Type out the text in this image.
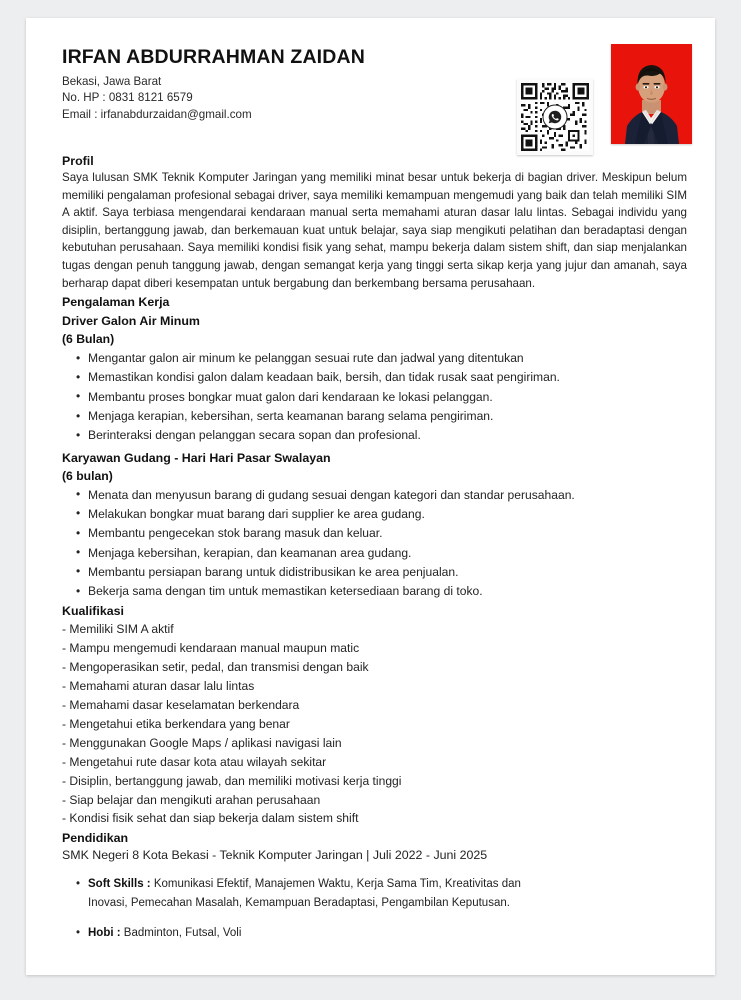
IRFAN ABDURRAHMAN ZAIDAN
Bekasi, Jawa Barat
No. HP : 0831 8121 6579
Email : irfanabdurzaidan@gmail.com
Profil
Saya lulusan SMK Teknik Komputer Jaringan yang memiliki minat besar untuk bekerja di bagian driver. Meskipun belum memiliki pengalaman profesional sebagai driver, saya memiliki kemampuan mengemudi yang baik dan telah memiliki SIM A aktif. Saya terbiasa mengendarai kendaraan manual serta memahami aturan dasar lalu lintas. Sebagai individu yang disiplin, bertanggung jawab, dan berkemauan kuat untuk belajar, saya siap mengikuti pelatihan dan beradaptasi dengan kebutuhan perusahaan. Saya memiliki kondisi fisik yang sehat, mampu bekerja dalam sistem shift, dan siap menjalankan tugas dengan penuh tanggung jawab, dengan semangat kerja yang tinggi serta sikap kerja yang jujur dan amanah, saya berharap dapat diberi kesempatan untuk bergabung dan berkembang bersama perusahaan.
Pengalaman Kerja
Driver Galon Air Minum
(6 Bulan)
• Mengantar galon air minum ke pelanggan sesuai rute dan jadwal yang ditentukan
• Memastikan kondisi galon dalam keadaan baik, bersih, dan tidak rusak saat pengiriman.
• Membantu proses bongkar muat galon dari kendaraan ke lokasi pelanggan.
• Menjaga kerapian, kebersihan, serta keamanan barang selama pengiriman.
• Berinteraksi dengan pelanggan secara sopan dan profesional.
Karyawan Gudang - Hari Hari Pasar Swalayan
(6 bulan)
• Menata dan menyusun barang di gudang sesuai dengan kategori dan standar perusahaan.
• Melakukan bongkar muat barang dari supplier ke area gudang.
• Membantu pengecekan stok barang masuk dan keluar.
• Menjaga kebersihan, kerapian, dan keamanan area gudang.
• Membantu persiapan barang untuk didistribusikan ke area penjualan.
• Bekerja sama dengan tim untuk memastikan ketersediaan barang di toko.
Kualifikasi
- Memiliki SIM A aktif
- Mampu mengemudi kendaraan manual maupun matic
- Mengoperasikan setir, pedal, dan transmisi dengan baik
- Memahami aturan dasar lalu lintas
- Memahami dasar keselamatan berkendara
- Mengetahui etika berkendara yang benar
- Menggunakan Google Maps / aplikasi navigasi lain
- Mengetahui rute dasar kota atau wilayah sekitar
- Disiplin, bertanggung jawab, dan memiliki motivasi kerja tinggi
- Siap belajar dan mengikuti arahan perusahaan
- Kondisi fisik sehat dan siap bekerja dalam sistem shift
Pendidikan
SMK Negeri 8 Kota Bekasi - Teknik Komputer Jaringan | Juli 2022 - Juni 2025
• Soft Skills : Komunikasi Efektif, Manajemen Waktu, Kerja Sama Tim, Kreativitas dan Inovasi, Pemecahan Masalah, Kemampuan Beradaptasi, Pengambilan Keputusan.
• Hobi : Badminton, Futsal, Voli
